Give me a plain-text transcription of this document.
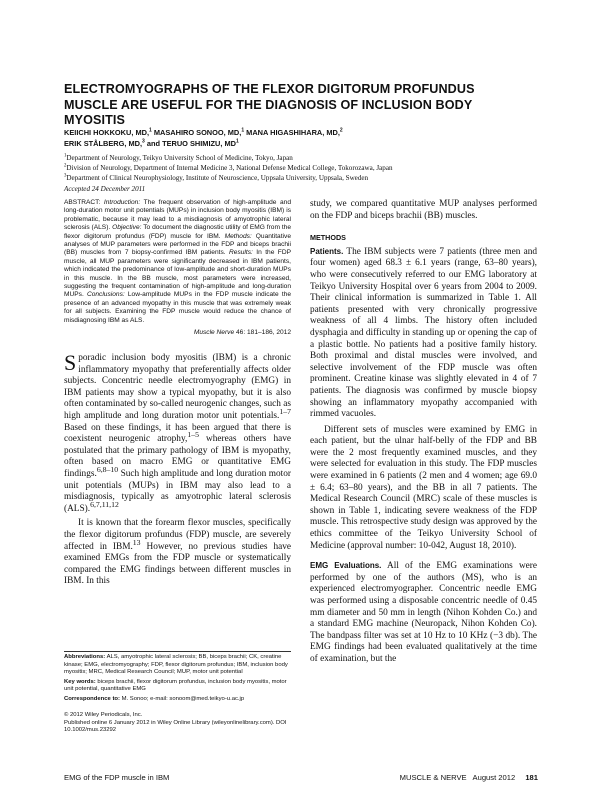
ELECTROMYOGRAPHS OF THE FLEXOR DIGITORUM PROFUNDUS MUSCLE ARE USEFUL FOR THE DIAGNOSIS OF INCLUSION BODY MYOSITIS
KEIICHI HOKKOKU, MD,$^1$ MASAHIRO SONOO, MD,$^1$ MANA HIGASHIHARA, MD,$^2$
ERIK STÅLBERG, MD,$^3$ and TERUO SHIMIZU, $MD^1$
$^1$Department of Neurology, Teikyo University School of Medicine, Tokyo, Japan
$^2$Division of Neurology, Department of Internal Medicine 3, National Defense Medical College, Tokorozawa, Japan
$^3$Department of Clinical Neurophysiology, Institute of Neuroscience, Uppsala University, Uppsala, Sweden
Accepted 24 December 2011

ABSTRACT: Introduction: The frequent observation of high-amplitude and long-duration motor unit potentials (MUPs) in inclusion body myositis (IBM) is problematic, because it may lead to a misdiagnosis of amyotrophic lateral sclerosis (ALS). Objective: To document the diagnostic utility of EMG from the flexor digitorum profundus (FDP) muscle for IBM. Methods: Quantitative analyses of MUP parameters were performed in the FDP and biceps brachii (BB) muscles from 7 biopsy-confirmed IBM patients. Results: In the FDP muscle, all MUP parameters were significantly decreased in IBM patients, which indicated the predominance of low-amplitude and short-duration MUPs in this muscle. In the BB muscle, most parameters were increased, suggesting the frequent contamination of high-amplitude and long-duration MUPs. Conclusions: Low-amplitude MUPs in the FDP muscle indicate the presence of an advanced myopathy in this muscle that was extremely weak for all subjects. Examining the FDP muscle would reduce the chance of misdiagnosing IBM as ALS.

Muscle Nerve 46: 181–186, 2012

Sporadic inclusion body myositis (IBM) is a chronic inflammatory myopathy that preferentially affects older subjects. Concentric needle electromyography (EMG) in IBM patients may show a typical myopathy, but it is also often contaminated by so-called neurogenic changes, such as high amplitude and long duration motor unit potentials.$^{1-7}$ Based on these findings, it has been argued that there is coexistent neurogenic atrophy,$^{1-5}$ whereas others have postulated that the primary pathology of IBM is myopathy, often based on macro EMG or quantitative EMG findings.$^{6,8-10}$ Such high amplitude and long duration motor unit potentials (MUPs) in IBM may also lead to a misdiagnosis, typically as amyotrophic lateral sclerosis (ALS).$^{6,7,11,12}$

It is known that the forearm flexor muscles, specifically the flexor digitorum profundus (FDP) muscle, are severely affected in IBM.$^{13}$ However, no previous studies have examined EMGs from the FDP muscle or systematically compared the EMG findings between different muscles in IBM. In this

Abbreviations: ALS, amyotrophic lateral sclerosis; BB, biceps brachii; CK, creatine kinase; EMG, electromyography; FDP, flexor digitorum profundus; IBM, inclusion body myositis; MRC, Medical Research Council; MUP, motor unit potential

Key words: biceps brachii, flexor digitorum profundus, inclusion body myositis, motor unit potential, quantitative EMG

Correspondence to: M. Sonoo; e-mail: sonoom@med.teikyo-u.ac.jp

© 2012 Wiley Periodicals, Inc.

Published online 6 January 2012 in Wiley Online Library (wileyonlinelibrary.com). DOI 10.1002/mus.23292

study, we compared quantitative MUP analyses performed on the FDP and biceps brachii (BB) muscles.

METHODS

Patients. The IBM subjects were 7 patients (three men and four women) aged 68.3 ± 6.1 years (range, 63–80 years), who were consecutively referred to our EMG laboratory at Teikyo University Hospital over 6 years from 2004 to 2009. Their clinical information is summarized in Table 1. All patients presented with very chronically progressive weakness of all 4 limbs. The history often included dysphagia and difficulty in standing up or opening the cap of a plastic bottle. No patients had a positive family history. Both proximal and distal muscles were involved, and selective involvement of the FDP muscle was often prominent. Creatine kinase was slightly elevated in 4 of 7 patients. The diagnosis was confirmed by muscle biopsy showing an inflammatory myopathy accompanied with rimmed vacuoles.

Different sets of muscles were examined by EMG in each patient, but the ulnar half-belly of the FDP and BB were the 2 most frequently examined muscles, and they were selected for evaluation in this study. The FDP muscles were examined in 6 patients (2 men and 4 women; age 69.0 ± 6.4; 63–80 years), and the BB in all 7 patients. The Medical Research Council (MRC) scale of these muscles is shown in Table 1, indicating severe weakness of the FDP muscle. This retrospective study design was approved by the ethics committee of the Teikyo University School of Medicine (approval number: 10-042, August 18, 2010).

EMG Evaluations. All of the EMG examinations were performed by one of the authors (MS), who is an experienced electromyographer. Concentric needle EMG was performed using a disposable concentric needle of 0.45 mm diameter and 50 mm in length (Nihon Kohden Co.) and a standard EMG machine (Neuropack, Nihon Kohden Co). The bandpass filter was set at 10 Hz to 10 KHz (−3 db). The EMG findings had been evaluated qualitatively at the time of examination, but the

EMG of the FDP muscle in IBM	MUSCLE & NERVE August 2012 181
